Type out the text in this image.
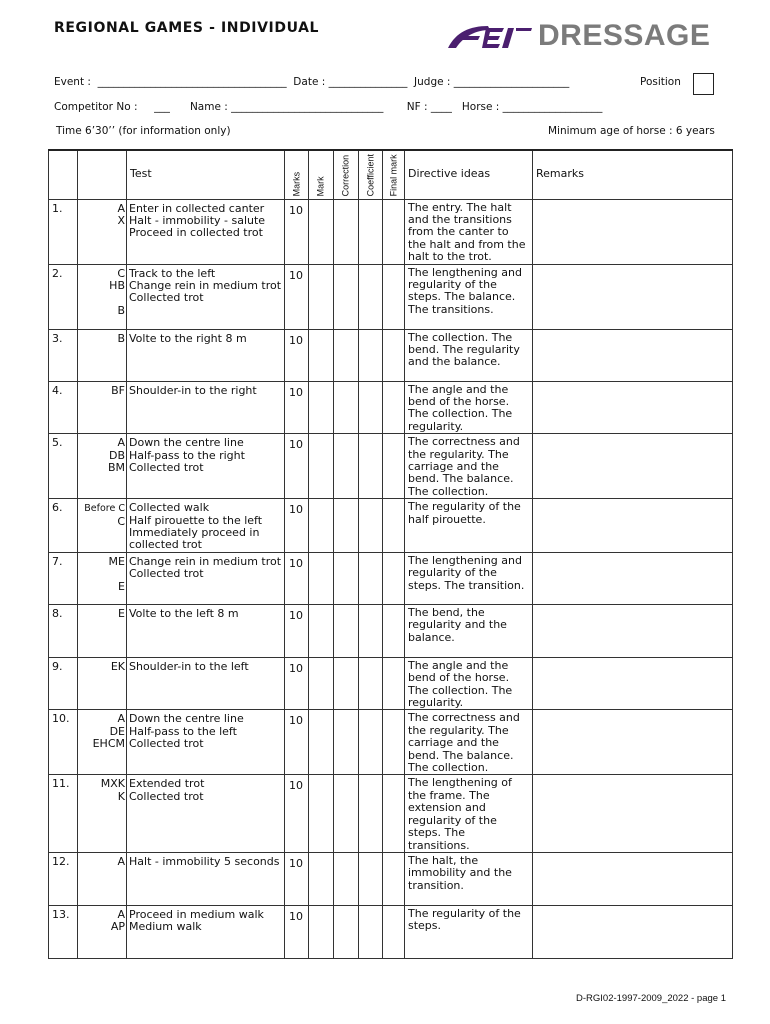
REGIONAL GAMES - INDIVIDUAL	DRESSAGE
Event :  ____________________________________  Date : _______________  Judge : ______________________	Position
Competitor No :     ___      Name : _____________________________       NF : ____   Horse : ___________________
Time 6’30’’ (for information only)	Minimum age of horse : 6 years
		Test	Marks	Mark	Correction	Coefficient	Final mark	Directive ideas	Remarks
1.	A
X	Enter in collected canter
Halt - immobility - salute
Proceed in collected trot	10					The entry. The halt and the transitions from the canter to the halt and from the halt to the trot.	
2.	C
HB

B	Track to the left
Change rein in medium trot
Collected trot	10					The lengthening and regularity of the steps. The balance. The transitions.	
3.	B	Volte to the right 8 m	10					The collection. The bend. The regularity and the balance.	
4.	BF	Shoulder-in to the right	10					The angle and the bend of the horse. The collection. The regularity.	
5.	A
DB
BM	Down the centre line
Half-pass to the right
Collected trot	10					The correctness and the regularity. The carriage and the bend. The balance. The collection.	
6.	Before C
C	Collected walk
Half pirouette to the left
Immediately proceed in collected trot	10					The regularity of the half pirouette.	
7.	ME

E	Change rein in medium trot
Collected trot	10					The lengthening and regularity of the steps. The transition.	
8.	E	Volte to the left 8 m	10					The bend, the regularity and the balance.	
9.	EK	Shoulder-in to the left	10					The angle and the bend of the horse. The collection. The regularity.	
10.	A
DE
EHCM	Down the centre line
Half-pass to the left
Collected trot	10					The correctness and the regularity. The carriage and the bend. The balance. The collection.	
11.	MXK
K	Extended trot
Collected trot	10					The lengthening of the frame. The extension and regularity of the steps. The transitions.	
12.	A	Halt - immobility 5 seconds	10					The halt, the immobility and the transition.	
13.	A
AP	Proceed in medium walk
Medium walk	10					The regularity of the steps.	
D-RGI02-1997-2009_2022 - page 1
